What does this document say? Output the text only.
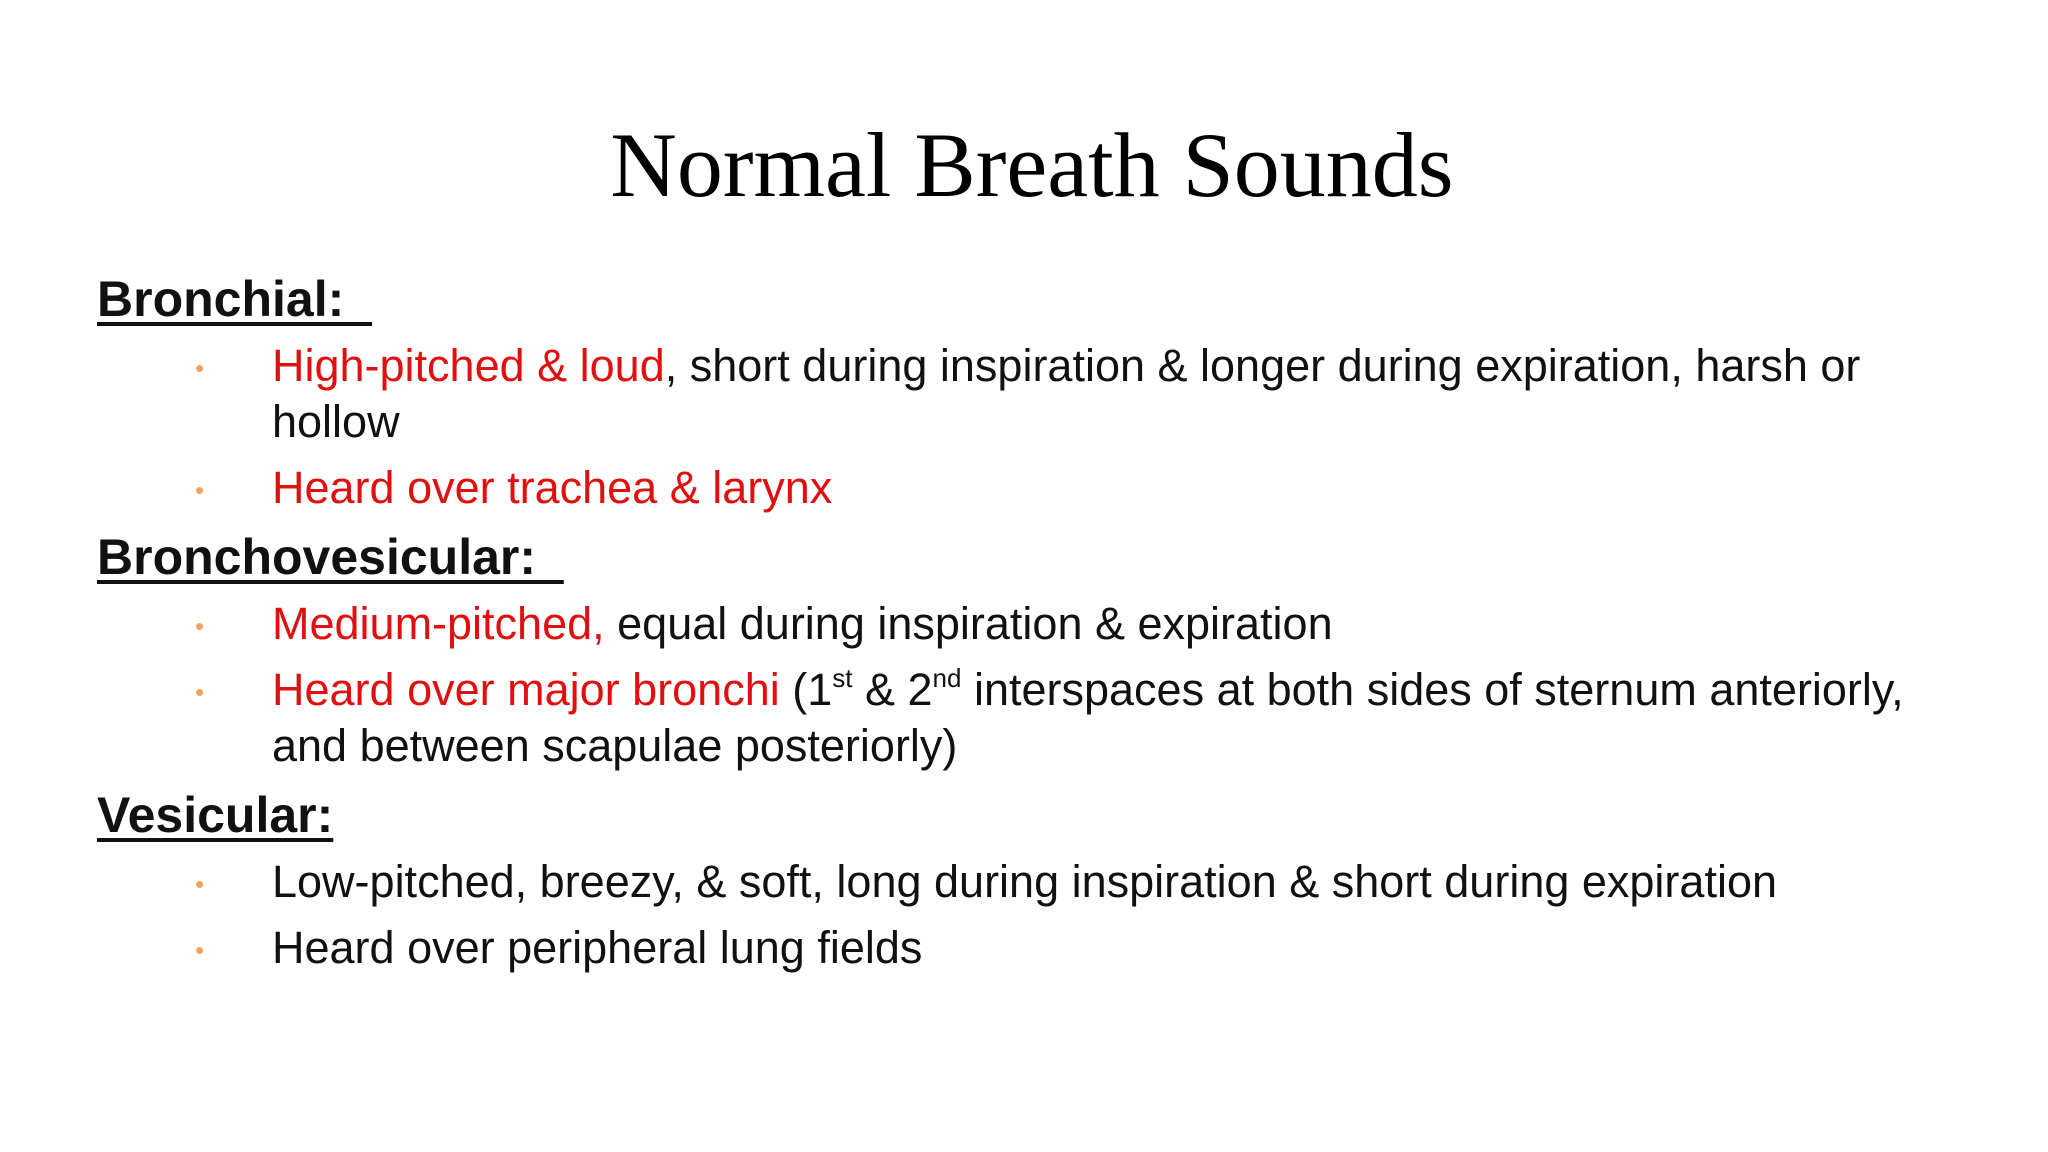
Normal Breath Sounds
Bronchial:
• High-pitched & loud, short during inspiration & longer during expiration, harsh or hollow
• Heard over trachea & larynx
Bronchovesicular:
• Medium-pitched, equal during inspiration & expiration
• Heard over major bronchi (1st & 2nd interspaces at both sides of sternum anteriorly, and between scapulae posteriorly)
Vesicular:
• Low-pitched, breezy, & soft, long during inspiration & short during expiration
• Heard over peripheral lung fields
